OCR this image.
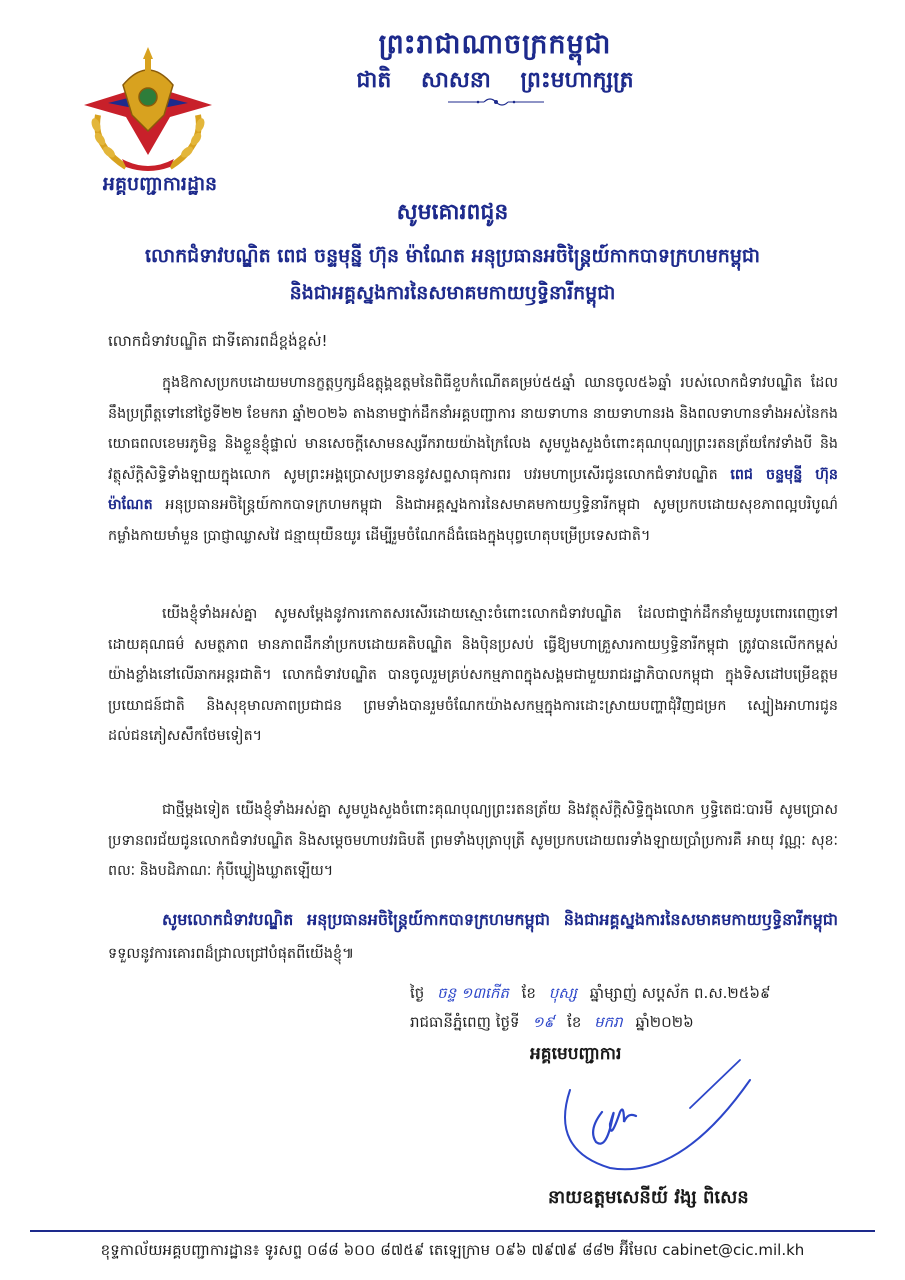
អគ្គបញ្ជាការដ្ឋាន
ព្រះរាជាណាចក្រកម្ពុជា
ជាតិ សាសនា ព្រះមហាក្សត្រ
សូមគោរពជូន
លោកជំទាវបណ្ឌិត ពេជ ចន្ទមុន្នី ហ៊ុន ម៉ាណែត អនុប្រធានអចិន្ត្រៃយ៍កាកបាទក្រហមកម្ពុជា
និងជាអគ្គស្នងការនៃសមាគមកាយឫទ្ធិនារីកម្ពុជា
លោកជំទាវបណ្ឌិត ជាទីគោរពដ៏ខ្ពង់ខ្ពស់!
ក្នុងឱកាសប្រកបដោយមហានក្ខត្តឫក្សដ៏ឧត្តុង្គឧត្តមនៃពិធីខួបកំណើតគម្រប់៥៥ឆ្នាំ ឈានចូល៥៦ឆ្នាំ របស់លោកជំទាវបណ្ឌិត ដែលនឹងប្រព្រឹត្តទៅនៅថ្ងៃទី២២ ខែមករា ឆ្នាំ២០២៦ តាងនាមថ្នាក់ដឹកនាំអគ្គបញ្ជាការ នាយទាហាន នាយទាហានរង និងពលទាហានទាំងអស់នៃកងយោធពលខេមរភូមិន្ទ និងខ្លួនខ្ញុំផ្ទាល់ មានសេចក្តីសោមនស្សរីករាយយ៉ាងក្រៃលែង សូមបួងសួងចំពោះគុណបុណ្យព្រះរតនត្រ័យកែវទាំងបី និងវត្ថុស័ក្តិសិទ្ធិទាំងឡាយក្នុងលោក សូមព្រះអង្គប្រោសប្រទាននូវសព្ទសាធុការពរ បវរមហាប្រសើរជូនលោកជំទាវបណ្ឌិត ពេជ ចន្ទមុន្នី ហ៊ុន ម៉ាណែត អនុប្រធានអចិន្ត្រៃយ៍កាកបាទក្រហមកម្ពុជា និងជាអគ្គស្នងការនៃសមាគមកាយឫទ្ធិនារីកម្ពុជា សូមប្រកបដោយសុខភាពល្អបរិបូណ៌ កម្លាំងកាយមាំមួន ប្រាជ្ញាឈ្លាសវៃ ជន្មាយុយឺនយូរ ដើម្បីរួមចំណែកដ៏ធំធេងក្នុងបុព្វហេតុបម្រើប្រទេសជាតិ។
យើងខ្ញុំទាំងអស់គ្នា សូមសម្តែងនូវការកោតសរសើរដោយស្មោះចំពោះលោកជំទាវបណ្ឌិត ដែលជាថ្នាក់ដឹកនាំមួយរូបពោរពេញទៅដោយគុណធម៌ សមត្ថភាព មានភាពដឹកនាំប្រកបដោយគតិបណ្ឌិត និងប៉ិនប្រសប់ ធ្វើឱ្យមហាគ្រួសារកាយឫទ្ធិនារីកម្ពុជា ត្រូវបានលើកកម្ពស់យ៉ាងខ្លាំងនៅលើឆាកអន្តរជាតិ។ លោកជំទាវបណ្ឌិត បានចូលរួមគ្រប់សកម្មភាពក្នុងសង្គមជាមួយរាជរដ្ឋាភិបាលកម្ពុជា ក្នុងទិសដៅបម្រើឧត្តមប្រយោជន៍ជាតិ និងសុខុមាលភាពប្រជាជន ព្រមទាំងបានរួមចំណែកយ៉ាងសកម្មក្នុងការដោះស្រាយបញ្ហាជុំវិញជម្រក ស្បៀងអាហារជូនដល់ជនភៀសសឹកថែមទៀត។
ជាថ្មីម្តងទៀត យើងខ្ញុំទាំងអស់គ្នា សូមបួងសួងចំពោះគុណបុណ្យព្រះរតនត្រ័យ និងវត្ថុស័ក្តិសិទ្ធិក្នុងលោក ឫទ្ធិតេជៈបារមី សូមប្រោសប្រទានពរជ័យជូនលោកជំទាវបណ្ឌិត និងសម្តេចមហាបវរធិបតី ព្រមទាំងបុត្រាបុត្រី សូមប្រកបដោយពរទាំងឡាយប្រាំប្រការគឺ អាយុ វណ្ណៈ សុខៈ ពលៈ និងបដិភាណៈ កុំបីឃ្លៀងឃ្លាតឡើយ។
សូមលោកជំទាវបណ្ឌិត អនុប្រធានអចិន្ត្រៃយ៍កាកបាទក្រហមកម្ពុជា និងជាអគ្គស្នងការនៃសមាគមកាយឫទ្ធិនារីកម្ពុជា ទទួលនូវការគោរពដ៏ជ្រាលជ្រៅបំផុតពីយើងខ្ញុំ៕
ថ្ងៃ ចន្ទ ១៣កើត ខែ បុស្ស ឆ្នាំម្សាញ់ សប្តស័ក ព.ស.២៥៦៩
រាជធានីភ្នំពេញ ថ្ងៃទី ១៩ ខែ មករា ឆ្នាំ២០២៦
អគ្គមេបញ្ជាការ
នាយឧត្តមសេនីយ៍ វង្ស ពិសេន
ខុទ្ទកាល័យអគ្គបញ្ជាការដ្ឋាន៖ ទូរសព្ទ ០៨៨ ៦០០ ៨៧៥៩ តេឡេក្រាម ០៩៦ ៧៩៧៩ ៨៨២ អ៊ីមែល cabinet@cic.mil.kh
